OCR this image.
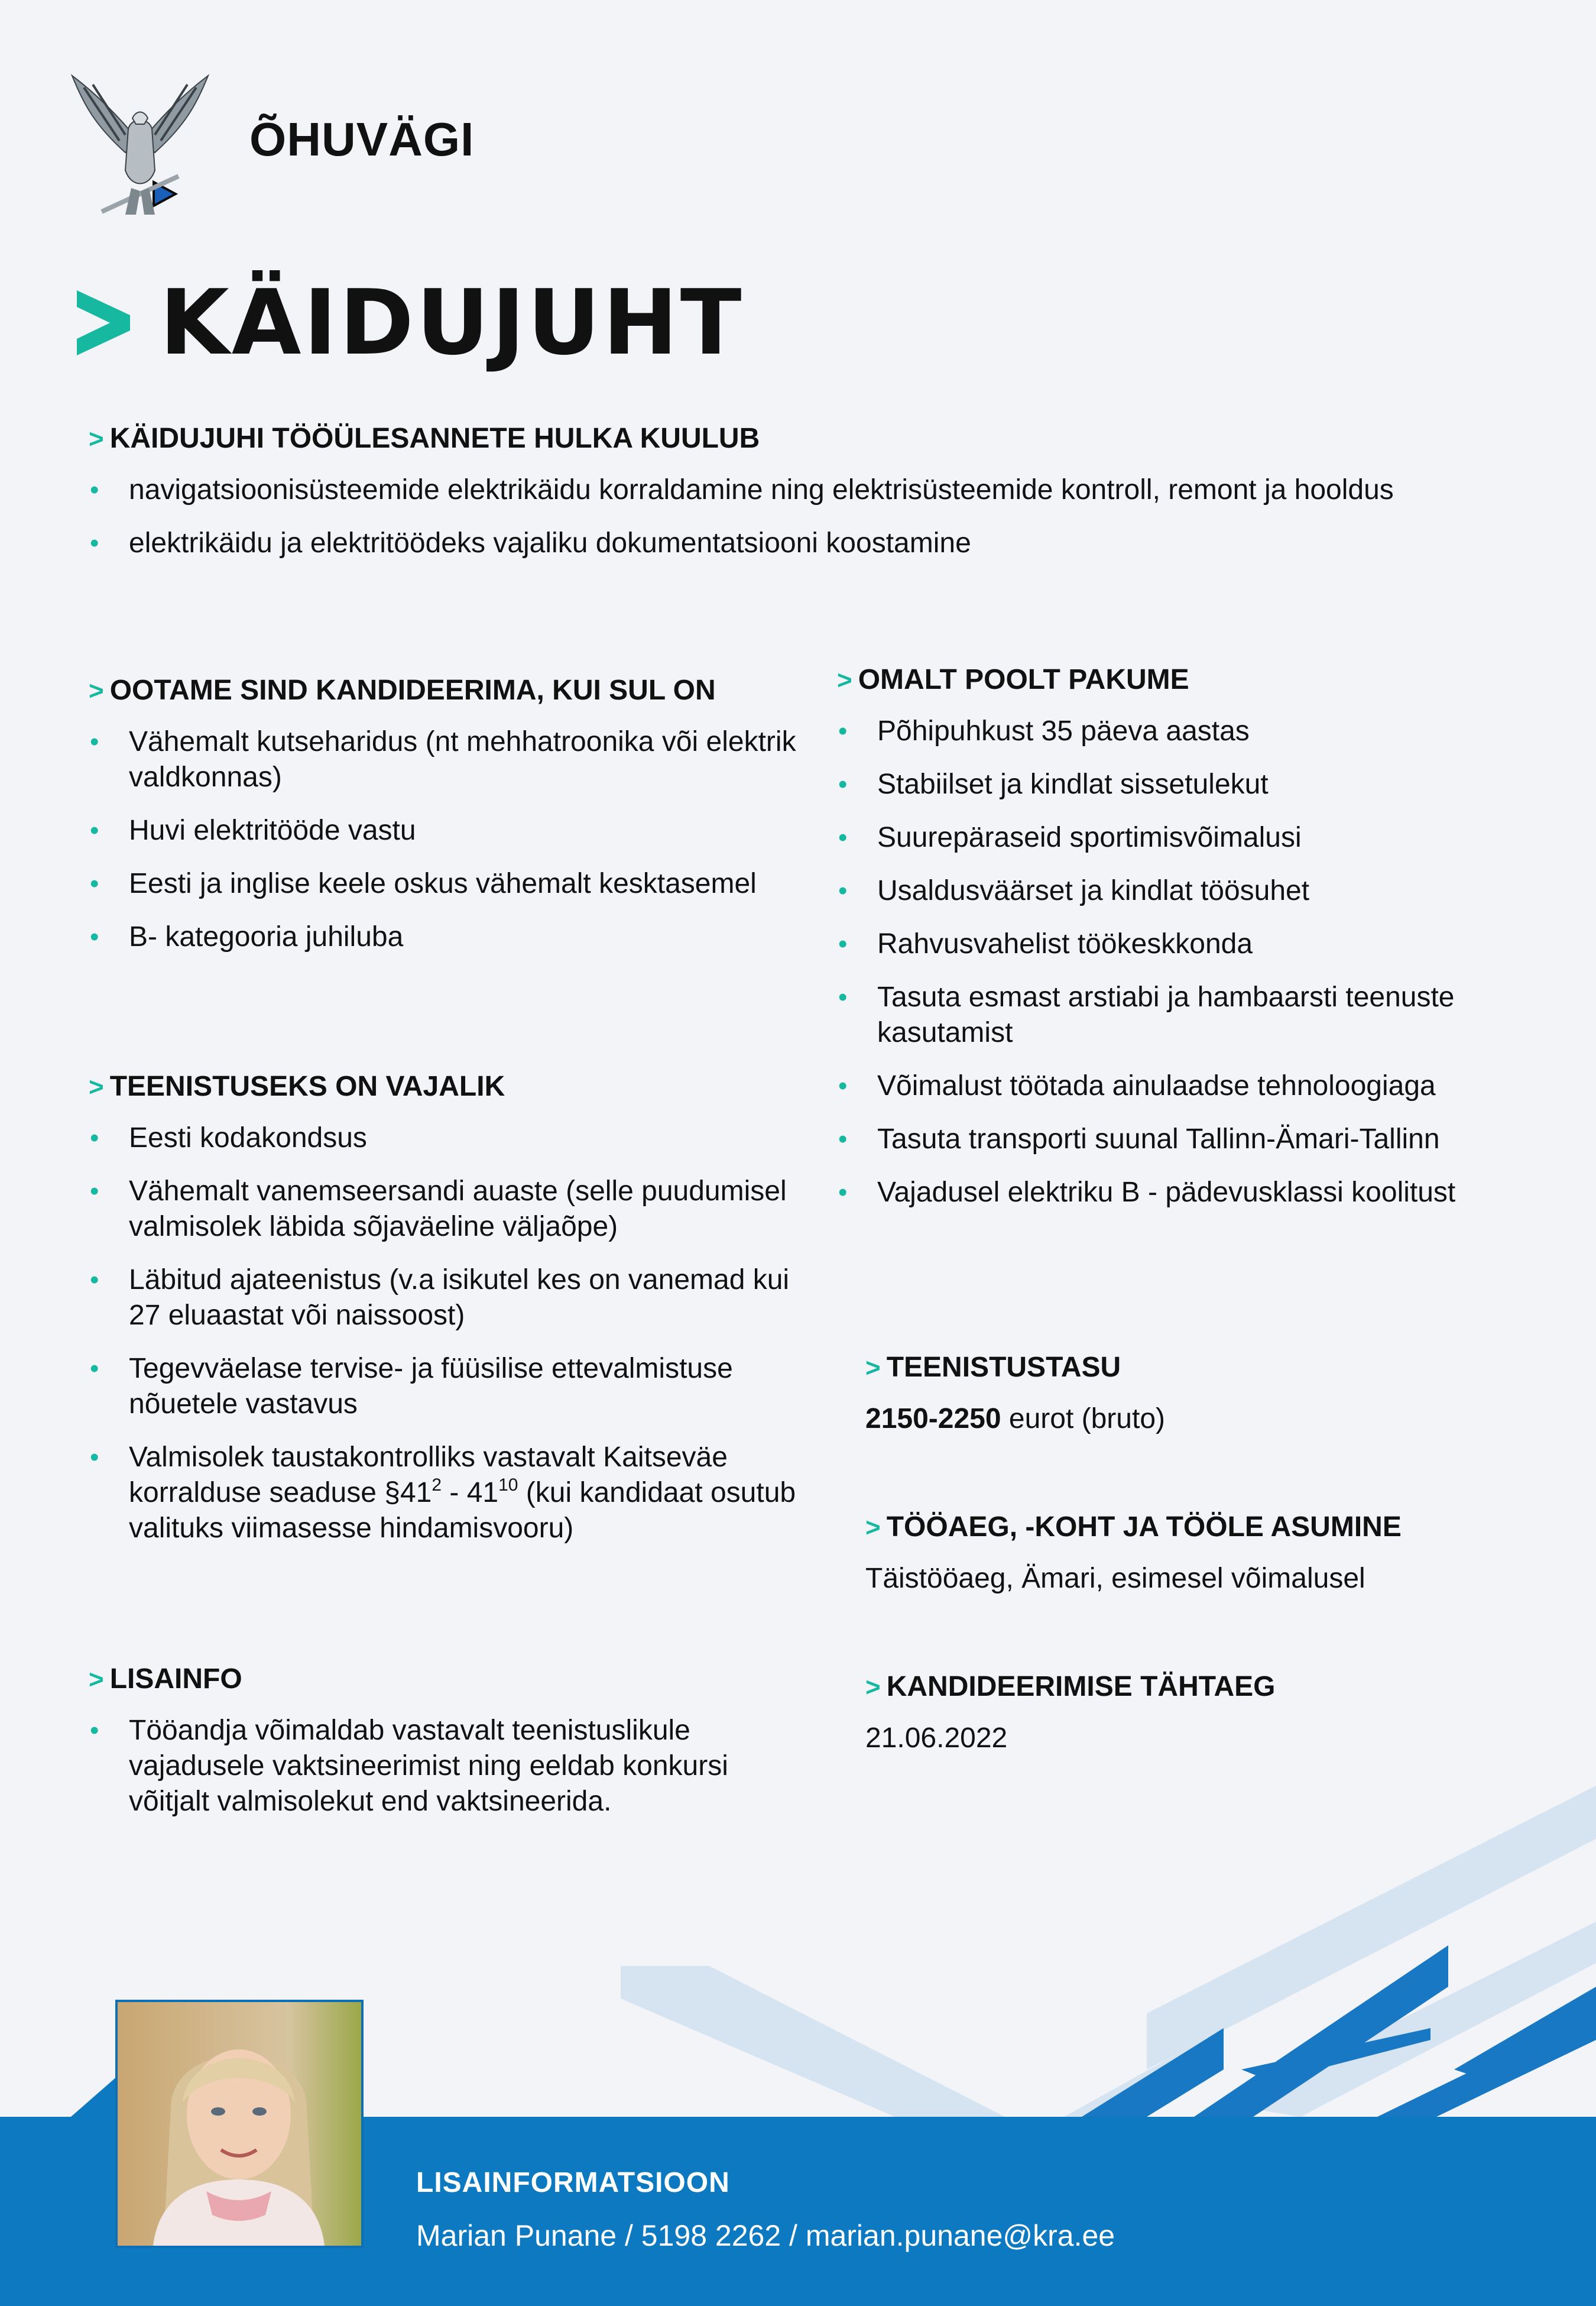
ÕHUVÄGI
KÄIDUJUHT
> KÄIDUJUHI TÖÖÜLESANNETE HULKA KUULUB
• navigatsioonisüsteemide elektrikäidu korraldamine ning elektrisüsteemide kontroll, remont ja hooldus
• elektrikäidu ja elektritöödeks vajaliku dokumentatsiooni koostamine
> OOTAME SIND KANDIDEERIMA, KUI SUL ON
• Vähemalt kutseharidus (nt mehhatroonika või elektrik valdkonnas)
• Huvi elektritööde vastu
• Eesti ja inglise keele oskus vähemalt kesktasemel
• B- kategooria juhiluba
> TEENISTUSEKS ON VAJALIK
• Eesti kodakondsus
• Vähemalt vanemseersandi auaste (selle puudumisel valmisolek läbida sõjaväeline väljaõpe)
• Läbitud ajateenistus (v.a isikutel kes on vanemad kui 27 eluaastat või naissoost)
• Tegevväelase tervise- ja füüsilise ettevalmistuse nõuetele vastavus
• Valmisolek taustakontrolliks vastavalt Kaitseväe korralduse seaduse $\S 41^2 - 41^{10}$ (kui kandidaat osutub valituks viimasesse hindamisvooru)
> LISAINFO
• Tööandja võimaldab vastavalt teenistuslikule vajadusele vaktsineerimist ning eeldab konkursi võitjalt valmisolekut end vaktsineerida.
> OMALT POOLT PAKUME
• Põhipuhkust 35 päeva aastas
• Stabiilset ja kindlat sissetulekut
• Suurepäraseid sportimisvõimalusi
• Usaldusväärset ja kindlat töösuhet
• Rahvusvahelist töökeskkonda
• Tasuta esmast arstiabi ja hambaarsti teenuste kasutamist
• Võimalust töötada ainulaadse tehnoloogiaga
• Tasuta transporti suunal Tallinn-Ämari-Tallinn
• Vajadusel elektriku B - pädevusklassi koolitust
> TEENISTUSTASU
2150-2250 eurot (bruto)
> TÖÖAEG, -KOHT JA TÖÖLE ASUMINE
Täistööaeg, Ämari, esimesel võimalusel
> KANDIDEERIMISE TÄHTAEG
21.06.2022
LISAINFORMATSIOON
Marian Punane / 5198 2262 / marian.punane@kra.ee
